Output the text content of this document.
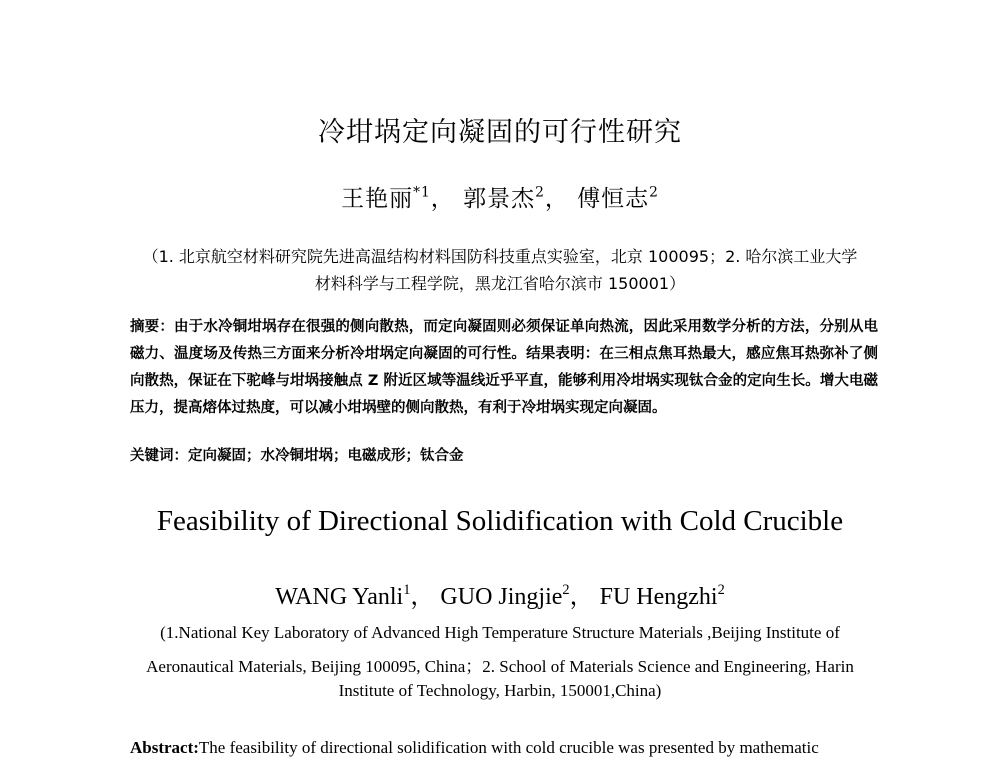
冷坩埚定向凝固的可行性研究
王艳丽$^{*1}$， 郭景杰$^2$， 傅恒志$^2$
（1. 北京航空材料研究院先进高温结构材料国防科技重点实验室，北京 100095；2. 哈尔滨工业大学
材料科学与工程学院，黑龙江省哈尔滨市 150001）
摘要：由于水冷铜坩埚存在很强的侧向散热，而定向凝固则必须保证单向热流，因此采用数学分析的方法，分别从电磁力、温度场及传热三方面来分析冷坩埚定向凝固的可行性。结果表明：在三相点焦耳热最大，感应焦耳热弥补了侧向散热，保证在下驼峰与坩埚接触点 Z 附近区域等温线近乎平直，能够利用冷坩埚实现钛合金的定向生长。增大电磁压力，提高熔体过热度，可以减小坩埚壁的侧向散热，有利于冷坩埚实现定向凝固。
关键词：定向凝固；水冷铜坩埚；电磁成形；钛合金
Feasibility of Directional Solidification with Cold Crucible
WANG Yanli$^1$， GUO Jingjie$^2$， FU Hengzhi$^2$
(1.National Key Laboratory of Advanced High Temperature Structure Materials ,Beijing Institute of
Aeronautical Materials, Beijing 100095, China；2. School of Materials Science and Engineering, Harin
Institute of Technology, Harbin, 150001,China)
Abstract:The feasibility of directional solidification with cold crucible was presented by mathematic
